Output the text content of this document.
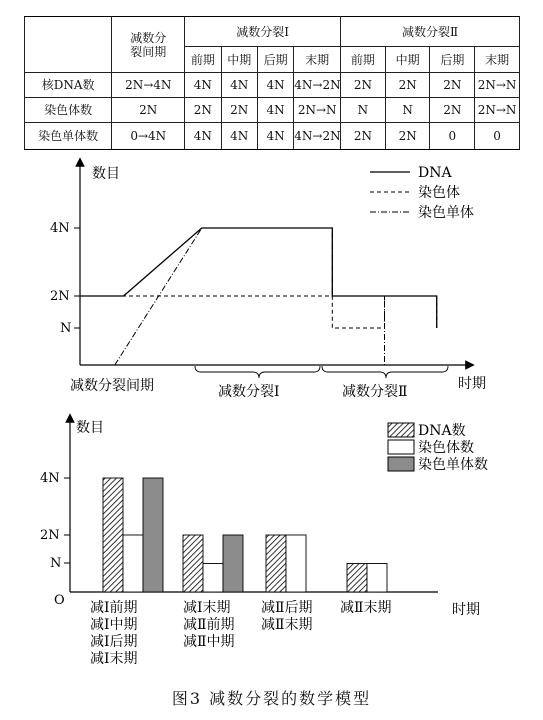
	减数分裂间期	减数分裂Ⅰ				减数分裂Ⅱ			
		前期	中期	后期	末期	前期	中期	后期	末期
核DNA数	2N→4N	4N	4N	4N	4N→2N	2N	2N	2N	2N→N
染色体数	2N	2N	2N	4N	2N→N	N	N	2N	2N→N
染色单体数	0→4N	4N	4N	4N	4N→2N	2N	2N	0	0
数目
4N
2N
N
DNA
染色体
染色单体
减数分裂间期	减数分裂Ⅰ	减数分裂Ⅱ	时期
数目
O
4N
2N
N
时期
减Ⅰ前期
减Ⅰ中期
减Ⅰ后期
减Ⅰ末期
减Ⅰ末期
减Ⅱ前期
减Ⅱ中期
减Ⅱ后期
减Ⅱ末期
减Ⅱ末期
DNA数
染色体数
染色单体数
图3 减数分裂的数学模型
